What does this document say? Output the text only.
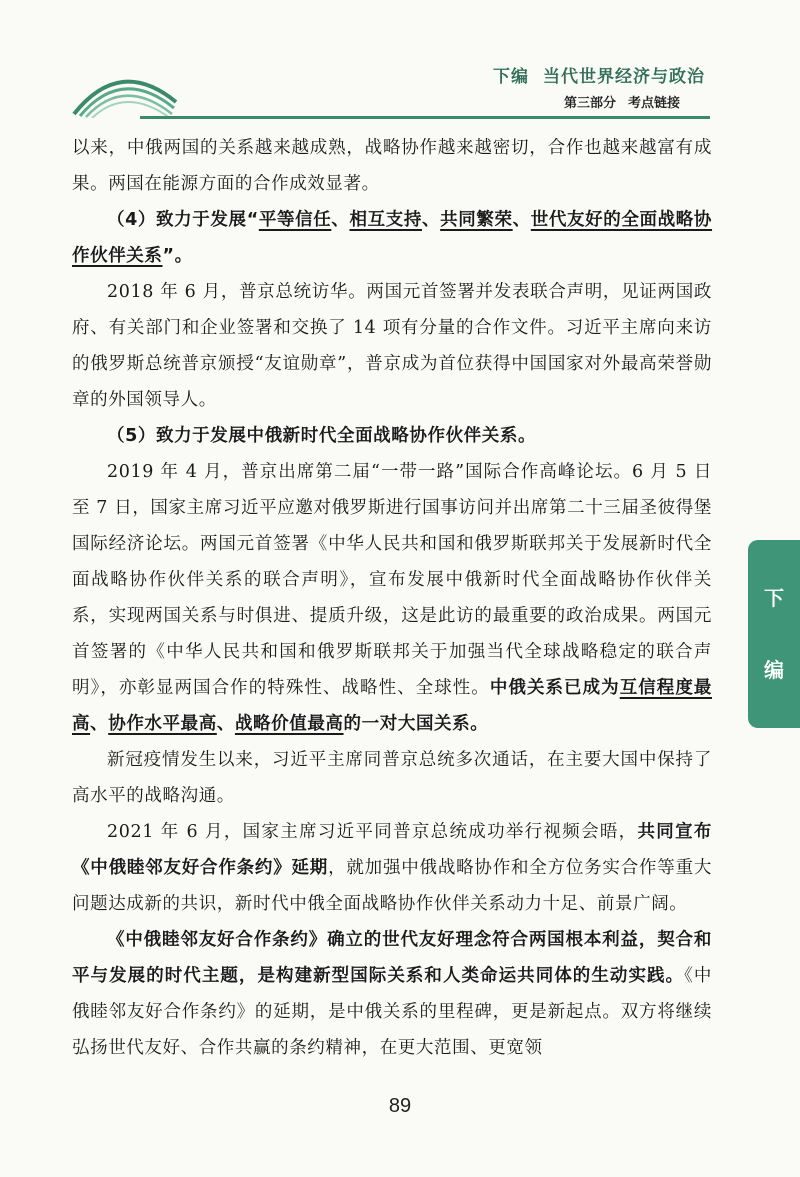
下编 当代世界经济与政治
第三部分 考点链接

以来，中俄两国的关系越来越成熟，战略协作越来越密切，合作也越来越富有成果。两国在能源方面的合作成效显著。

（4）致力于发展“平等信任、相互支持、共同繁荣、世代友好的全面战略协作伙伴关系”。

2018 年 6 月，普京总统访华。两国元首签署并发表联合声明，见证两国政府、有关部门和企业签署和交换了 14 项有分量的合作文件。习近平主席向来访的俄罗斯总统普京颁授“友谊勋章”，普京成为首位获得中国国家对外最高荣誉勋章的外国领导人。

（5）致力于发展中俄新时代全面战略协作伙伴关系。

2019 年 4 月，普京出席第二届“一带一路”国际合作高峰论坛。6 月 5 日至 7 日，国家主席习近平应邀对俄罗斯进行国事访问并出席第二十三届圣彼得堡国际经济论坛。两国元首签署《中华人民共和国和俄罗斯联邦关于发展新时代全面战略协作伙伴关系的联合声明》，宣布发展中俄新时代全面战略协作伙伴关系，实现两国关系与时俱进、提质升级，这是此访的最重要的政治成果。两国元首签署的《中华人民共和国和俄罗斯联邦关于加强当代全球战略稳定的联合声明》，亦彰显两国合作的特殊性、战略性、全球性。中俄关系已成为互信程度最高、协作水平最高、战略价值最高的一对大国关系。

新冠疫情发生以来，习近平主席同普京总统多次通话，在主要大国中保持了高水平的战略沟通。

2021 年 6 月，国家主席习近平同普京总统成功举行视频会晤，共同宣布《中俄睦邻友好合作条约》延期，就加强中俄战略协作和全方位务实合作等重大问题达成新的共识，新时代中俄全面战略协作伙伴关系动力十足、前景广阔。

《中俄睦邻友好合作条约》确立的世代友好理念符合两国根本利益，契合和平与发展的时代主题，是构建新型国际关系和人类命运共同体的生动实践。《中俄睦邻友好合作条约》的延期，是中俄关系的里程碑，更是新起点。双方将继续弘扬世代友好、合作共赢的条约精神，在更大范围、更宽领

下
编
89
